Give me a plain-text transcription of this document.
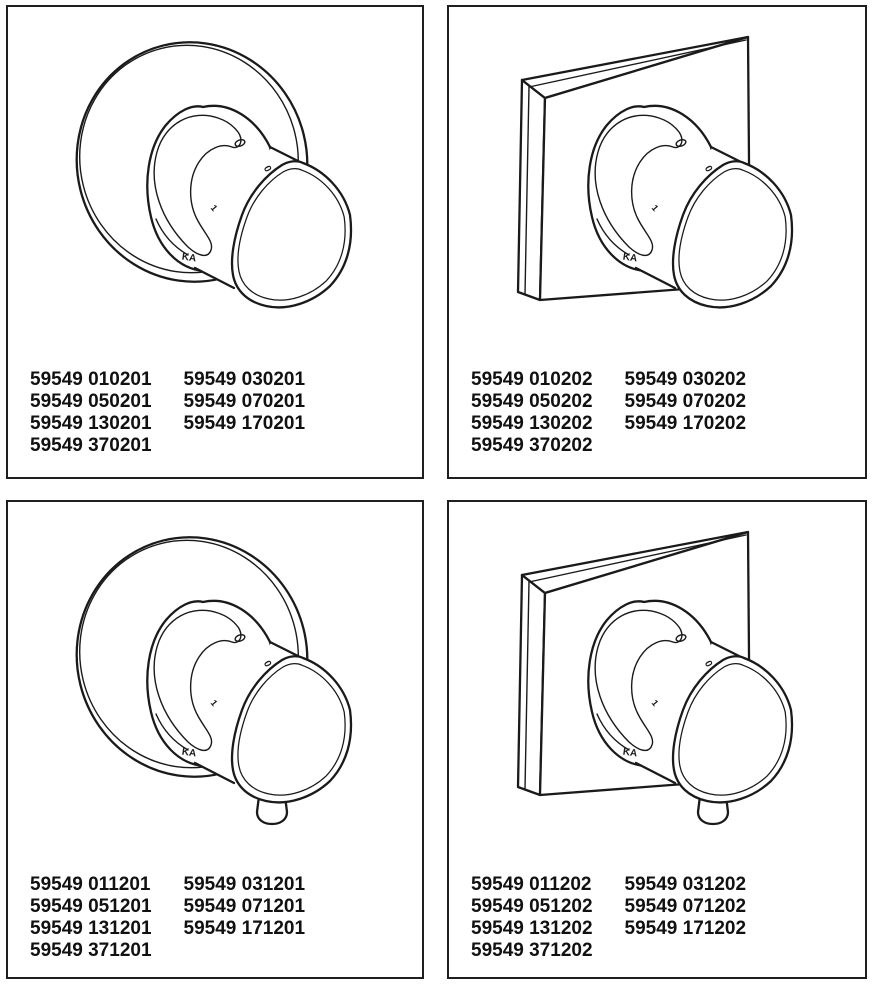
59549 010201
59549 050201
59549 130201
59549 370201
59549 030201
59549 070201
59549 170201
59549 010202
59549 050202
59549 130202
59549 370202
59549 030202
59549 070202
59549 170202
59549 011201
59549 051201
59549 131201
59549 371201
59549 031201
59549 071201
59549 171201
59549 011202
59549 051202
59549 131202
59549 371202
59549 031202
59549 071202
59549 171202
